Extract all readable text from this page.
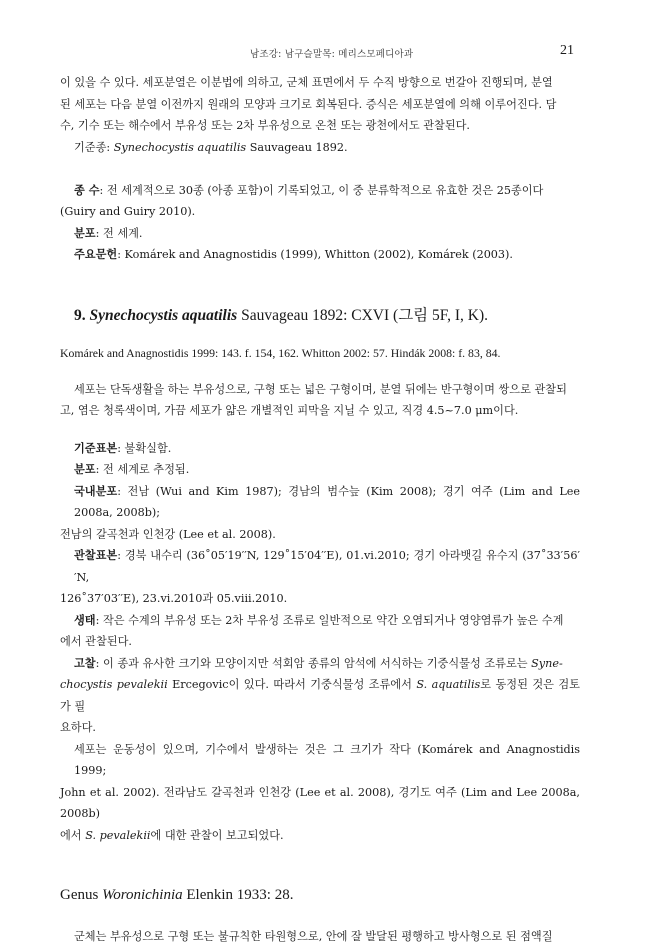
남조강: 남구슬말목: 메리스모페디아과	21

이 있을 수 있다. 세포분열은 이분법에 의하고, 군체 표면에서 두 수직 방향으로 번갈아 진행되며, 분열

된 세포는 다음 분열 이전까지 원래의 모양과 크기로 회복된다. 증식은 세포분열에 의해 이루어진다. 담

수, 기수 또는 해수에서 부유성 또는 2차 부유성으로 온천 또는 광천에서도 관찰된다.

기준종: Synechocystis aquatilis Sauvageau 1892.

종 수: 전 세계적으로 30종 (아종 포함)이 기록되었고, 이 중 분류학적으로 유효한 것은 25종이다

(Guiry and Guiry 2010).

분포: 전 세계.

주요문헌: Komárek and Anagnostidis (1999), Whitton (2002), Komárek (2003).

9. Synechocystis aquatilis Sauvageau 1892: CXVI (그림 5F, I, K).

Komárek and Anagnostidis 1999: 143. f. 154, 162. Whitton 2002: 57. Hindák 2008: f. 83, 84.

세포는 단독생활을 하는 부유성으로, 구형 또는 넓은 구형이며, 분열 뒤에는 반구형이며 쌍으로 관찰되

고, 염은 청록색이며, 가끔 세포가 얇은 개별적인 피막을 지닐 수 있고, 직경 4.5~7.0 μm이다.

기준표본: 불확실함.

분포: 전 세계로 추정됨.

국내분포: 전남 (Wui and Kim 1987); 경남의 범수늪 (Kim 2008); 경기 여주 (Lim and Lee 2008a, 2008b);

전남의 갈곡천과 인천강 (Lee et al. 2008).

관찰표본: 경북 내수리 (36˚05′19′′N, 129˚15′04′′E), 01.vi.2010; 경기 아라뱃길 유수지 (37˚33′56′′N,

126˚37′03′′E), 23.vi.2010과 05.viii.2010.

생태: 작은 수계의 부유성 또는 2차 부유성 조류로 일반적으로 약간 오염되거나 영양염류가 높은 수계

에서 관찰된다.

고찰: 이 종과 유사한 크기와 모양이지만 석회암 종류의 암석에 서식하는 기중식물성 조류로는 Syne-

chocystis pevalekii Ercegovic이 있다. 따라서 기중식물성 조류에서 S. aquatilis로 동정된 것은 검토가 필

요하다.

세포는 운동성이 있으며, 기수에서 발생하는 것은 그 크기가 작다 (Komárek and Anagnostidis 1999;

John et al. 2002). 전라남도 갈곡천과 인천강 (Lee et al. 2008), 경기도 여주 (Lim and Lee 2008a, 2008b)

에서 S. pevalekii에 대한 관찰이 보고되었다.

Genus Woronichinia Elenkin 1933: 28.

군체는 부유성으로 구형 또는 불규칙한 타원형으로, 안에 잘 발달된 평행하고 방사형으로 된 점액질
